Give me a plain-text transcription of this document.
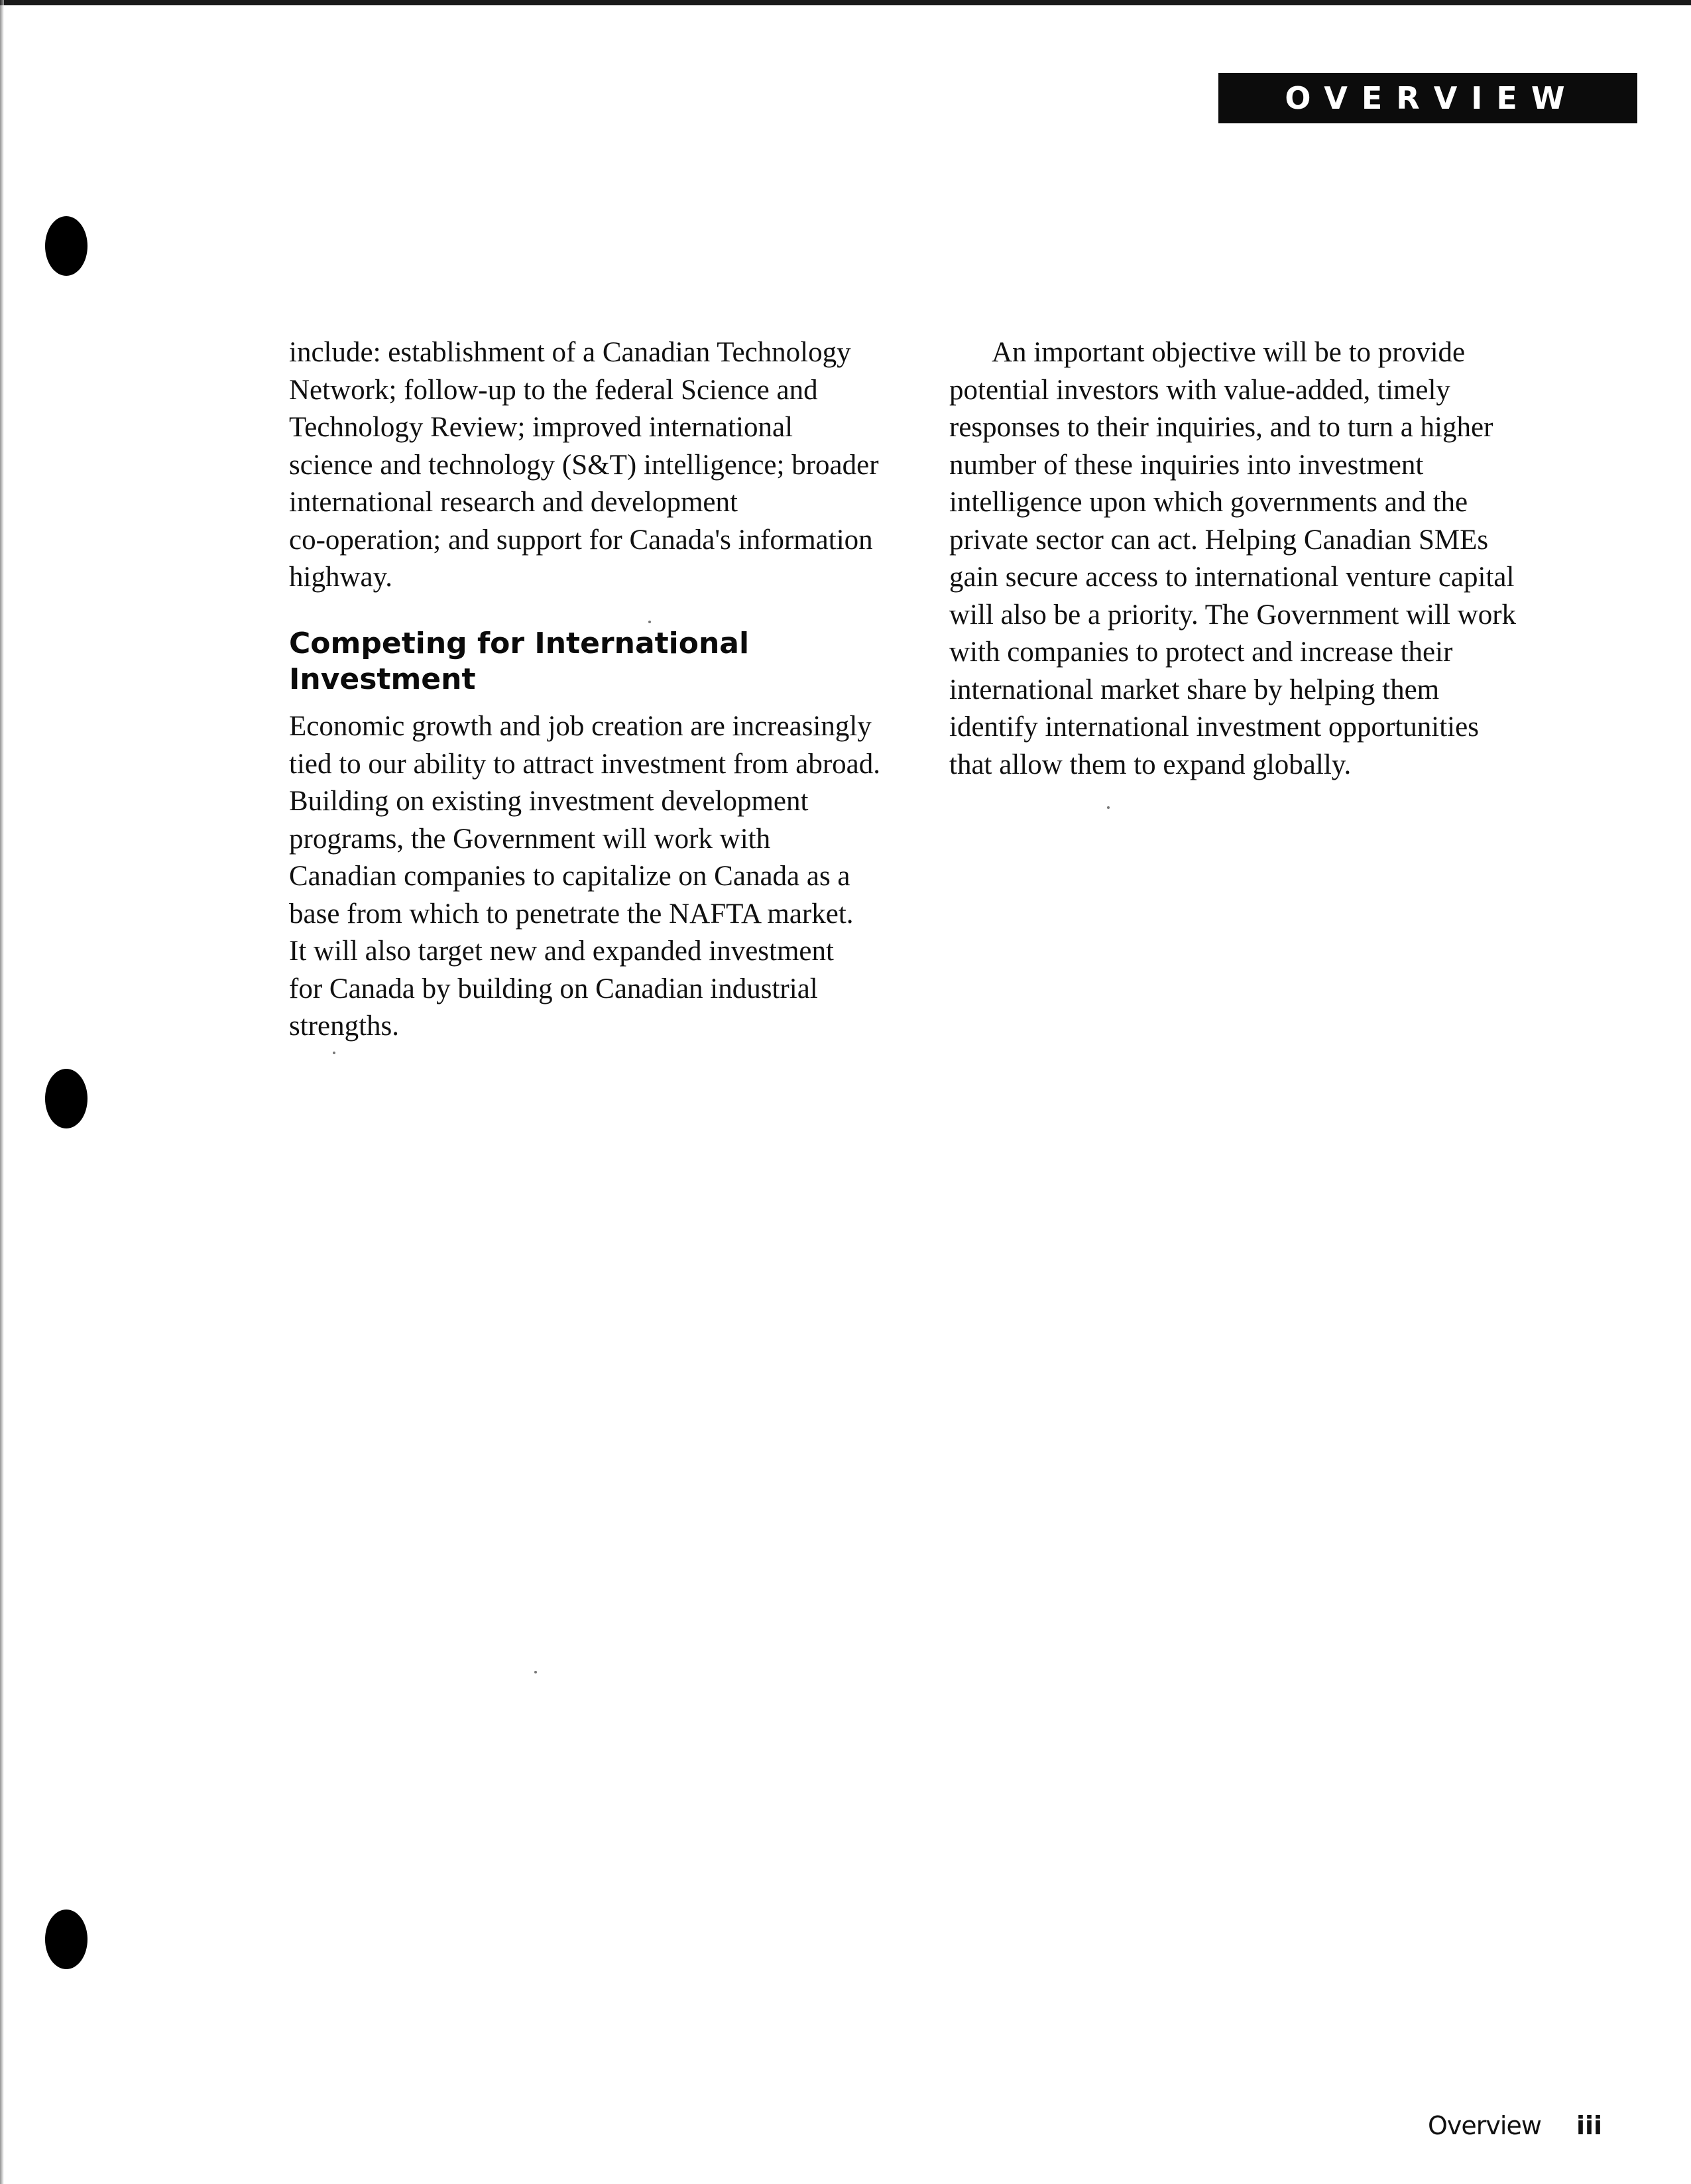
OVERVIEW

include: establishment of a Canadian Technology
Network; follow-up to the federal Science and
Technology Review; improved international
science and technology (S&T) intelligence; broader
international research and development
co-operation; and support for Canada's information
highway.

Competing for International
Investment

Economic growth and job creation are increasingly
tied to our ability to attract investment from abroad.
Building on existing investment development
programs, the Government will work with
Canadian companies to capitalize on Canada as a
base from which to penetrate the NAFTA market.
It will also target new and expanded investment
for Canada by building on Canadian industrial
strengths.

An important objective will be to provide
potential investors with value-added, timely
responses to their inquiries, and to turn a higher
number of these inquiries into investment
intelligence upon which governments and the
private sector can act. Helping Canadian SMEs
gain secure access to international venture capital
will also be a priority. The Government will work
with companies to protect and increase their
international market share by helping them
identify international investment opportunities
that allow them to expand globally.

Overview iii
